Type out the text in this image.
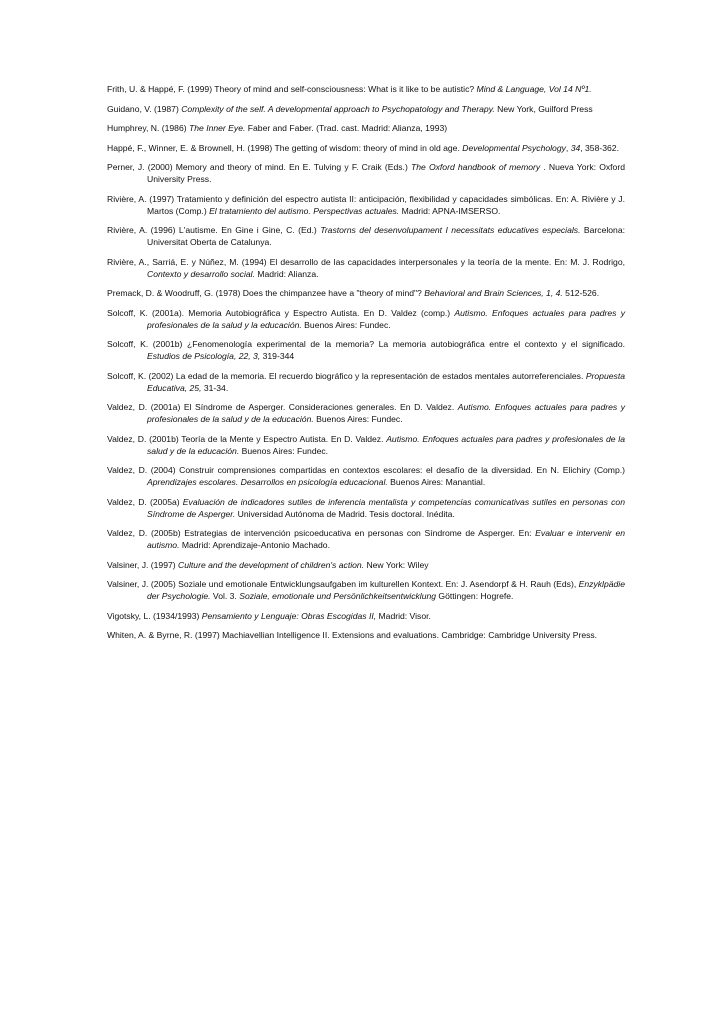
Frith, U. & Happé, F. (1999) Theory of mind and self-consciousness: What is it like to be autistic? Mind & Language, Vol 14 Nº1.

Guidano, V. (1987) Complexity of the self. A developmental approach to Psychopatology and Therapy. New York, Guilford Press

Humphrey, N. (1986) The Inner Eye. Faber and Faber. (Trad. cast. Madrid: Alianza, 1993)

Happé, F., Winner, E. & Brownell, H. (1998) The getting of wisdom: theory of mind in old age. Developmental Psychology, 34, 358-362.

Perner, J. (2000) Memory and theory of mind. En E. Tulving y F. Craik (Eds.) The Oxford handbook of memory . Nueva York: Oxford University Press.

Rivière, A. (1997) Tratamiento y definición del espectro autista II: anticipación, flexibilidad y capacidades simbólicas. En: A. Rivière y J. Martos (Comp.) El tratamiento del autismo. Perspectivas actuales. Madrid: APNA-IMSERSO.

Rivière, A. (1996) L'autisme. En Gine i Gine, C. (Ed.) Trastorns del desenvolupament I necessitats educatives especials. Barcelona: Universitat Oberta de Catalunya.

Rivière, A., Sarriá, E. y Núñez, M. (1994) El desarrollo de las capacidades interpersonales y la teoría de la mente. En: M. J. Rodrigo, Contexto y desarrollo social. Madrid: Alianza.

Premack, D. & Woodruff, G. (1978) Does the chimpanzee have a "theory of mind"? Behavioral and Brain Sciences, 1, 4. 512-526.

Solcoff, K. (2001a). Memoria Autobiográfica y Espectro Autista. En D. Valdez (comp.) Autismo. Enfoques actuales para padres y profesionales de la salud y la educación. Buenos Aires: Fundec.

Solcoff, K. (2001b) ¿Fenomenología experimental de la memoria? La memoria autobiográfica entre el contexto y el significado. Estudios de Psicología, 22, 3, 319-344

Solcoff, K. (2002) La edad de la memoria. El recuerdo biográfico y la representación de estados mentales autorreferenciales. Propuesta Educativa, 25, 31-34.

Valdez, D. (2001a) El Síndrome de Asperger. Consideraciones generales. En D. Valdez. Autismo. Enfoques actuales para padres y profesionales de la salud y de la educación. Buenos Aires: Fundec.

Valdez, D. (2001b) Teoría de la Mente y Espectro Autista. En D. Valdez. Autismo. Enfoques actuales para padres y profesionales de la salud y de la educación. Buenos Aires: Fundec.

Valdez, D. (2004) Construir comprensiones compartidas en contextos escolares: el desafío de la diversidad. En N. Elichiry (Comp.) Aprendizajes escolares. Desarrollos en psicología educacional. Buenos Aires: Manantial.

Valdez, D. (2005a) Evaluación de indicadores sutiles de inferencia mentalista y competencias comunicativas sutiles en personas con Síndrome de Asperger. Universidad Autónoma de Madrid. Tesis doctoral. Inédita.

Valdez, D. (2005b) Estrategias de intervención psicoeducativa en personas con Síndrome de Asperger. En: Evaluar e intervenir en autismo. Madrid: Aprendizaje-Antonio Machado.

Valsiner, J. (1997) Culture and the development of children's action. New York: Wiley

Valsiner, J. (2005) Soziale und emotionale Entwicklungsaufgaben im kulturellen Kontext. En: J. Asendorpf & H. Rauh (Eds), Enzyklpädie der Psychologie. Vol. 3. Soziale, emotionale und Persönlichkeitsentwicklung Göttingen: Hogrefe.

Vigotsky, L. (1934/1993) Pensamiento y Lenguaje: Obras Escogidas II, Madrid: Visor.

Whiten, A. & Byrne, R. (1997) Machiavellian Intelligence II. Extensions and evaluations. Cambridge: Cambridge University Press.
